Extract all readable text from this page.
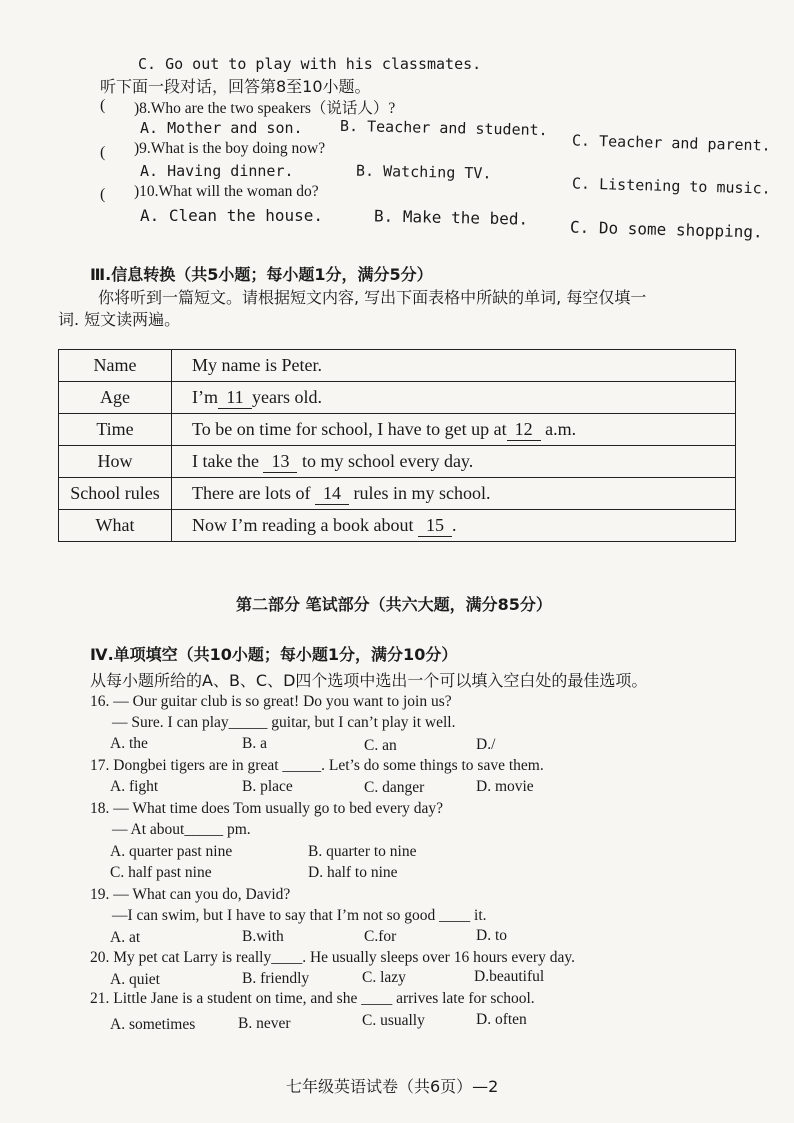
C. Go out to play with his classmates.
听下面一段对话，回答第8至10小题。
( )8.Who are the two speakers（说话人）?
A. Mother and son. B. Teacher and student.
C. Teacher and parent.
( )9.What is the boy doing now?
A. Having dinner.	B. Watching TV.
C. Listening to music.
( )10.What will the woman do?
A. Clean the house.	B. Make the bed.	C. Do some shopping.
Ⅲ.信息转换（共5小题；每小题1分，满分5分）
你将听到一篇短文。请根据短文内容, 写出下面表格中所缺的单词, 每空仅填一
词. 短文读两遍。
Name	My name is Peter.
Age	I’m 11 years old.
Time	To be on time for school, I have to get up at 12 a.m.
How	I take the 13 to my school every day.
School rules	There are lots of 14 rules in my school.
What	Now I’m reading a book about 15 .
第二部分 笔试部分（共六大题，满分85分）
Ⅳ.单项填空（共10小题；每小题1分，满分10分）
从每小题所给的A、B、C、D四个选项中选出一个可以填入空白处的最佳选项。
16. — Our guitar club is so great! Do you want to join us?
— Sure. I can play_____ guitar, but I can’t play it well.
A. the	B. a	C. an	D./
17. Dongbei tigers are in great _____. Let’s do some things to save them.
A. fight	B. place	C. danger	D. movie
18. — What time does Tom usually go to bed every day?
— At about_____ pm.
A. quarter past nine	B. quarter to nine
C. half past nine	D. half to nine
19. — What can you do, David?
—I can swim, but I have to say that I’m not so good ____ it.
A. at	B.with	C.for	D. to
20. My pet cat Larry is really____. He usually sleeps over 16 hours every day.
A. quiet	B. friendly	C. lazy	D.beautiful
21. Little Jane is a student on time, and she ____ arrives late for school.
A. sometimes	B. never	C. usually	D. often
七年级英语试卷（共6页）—2
